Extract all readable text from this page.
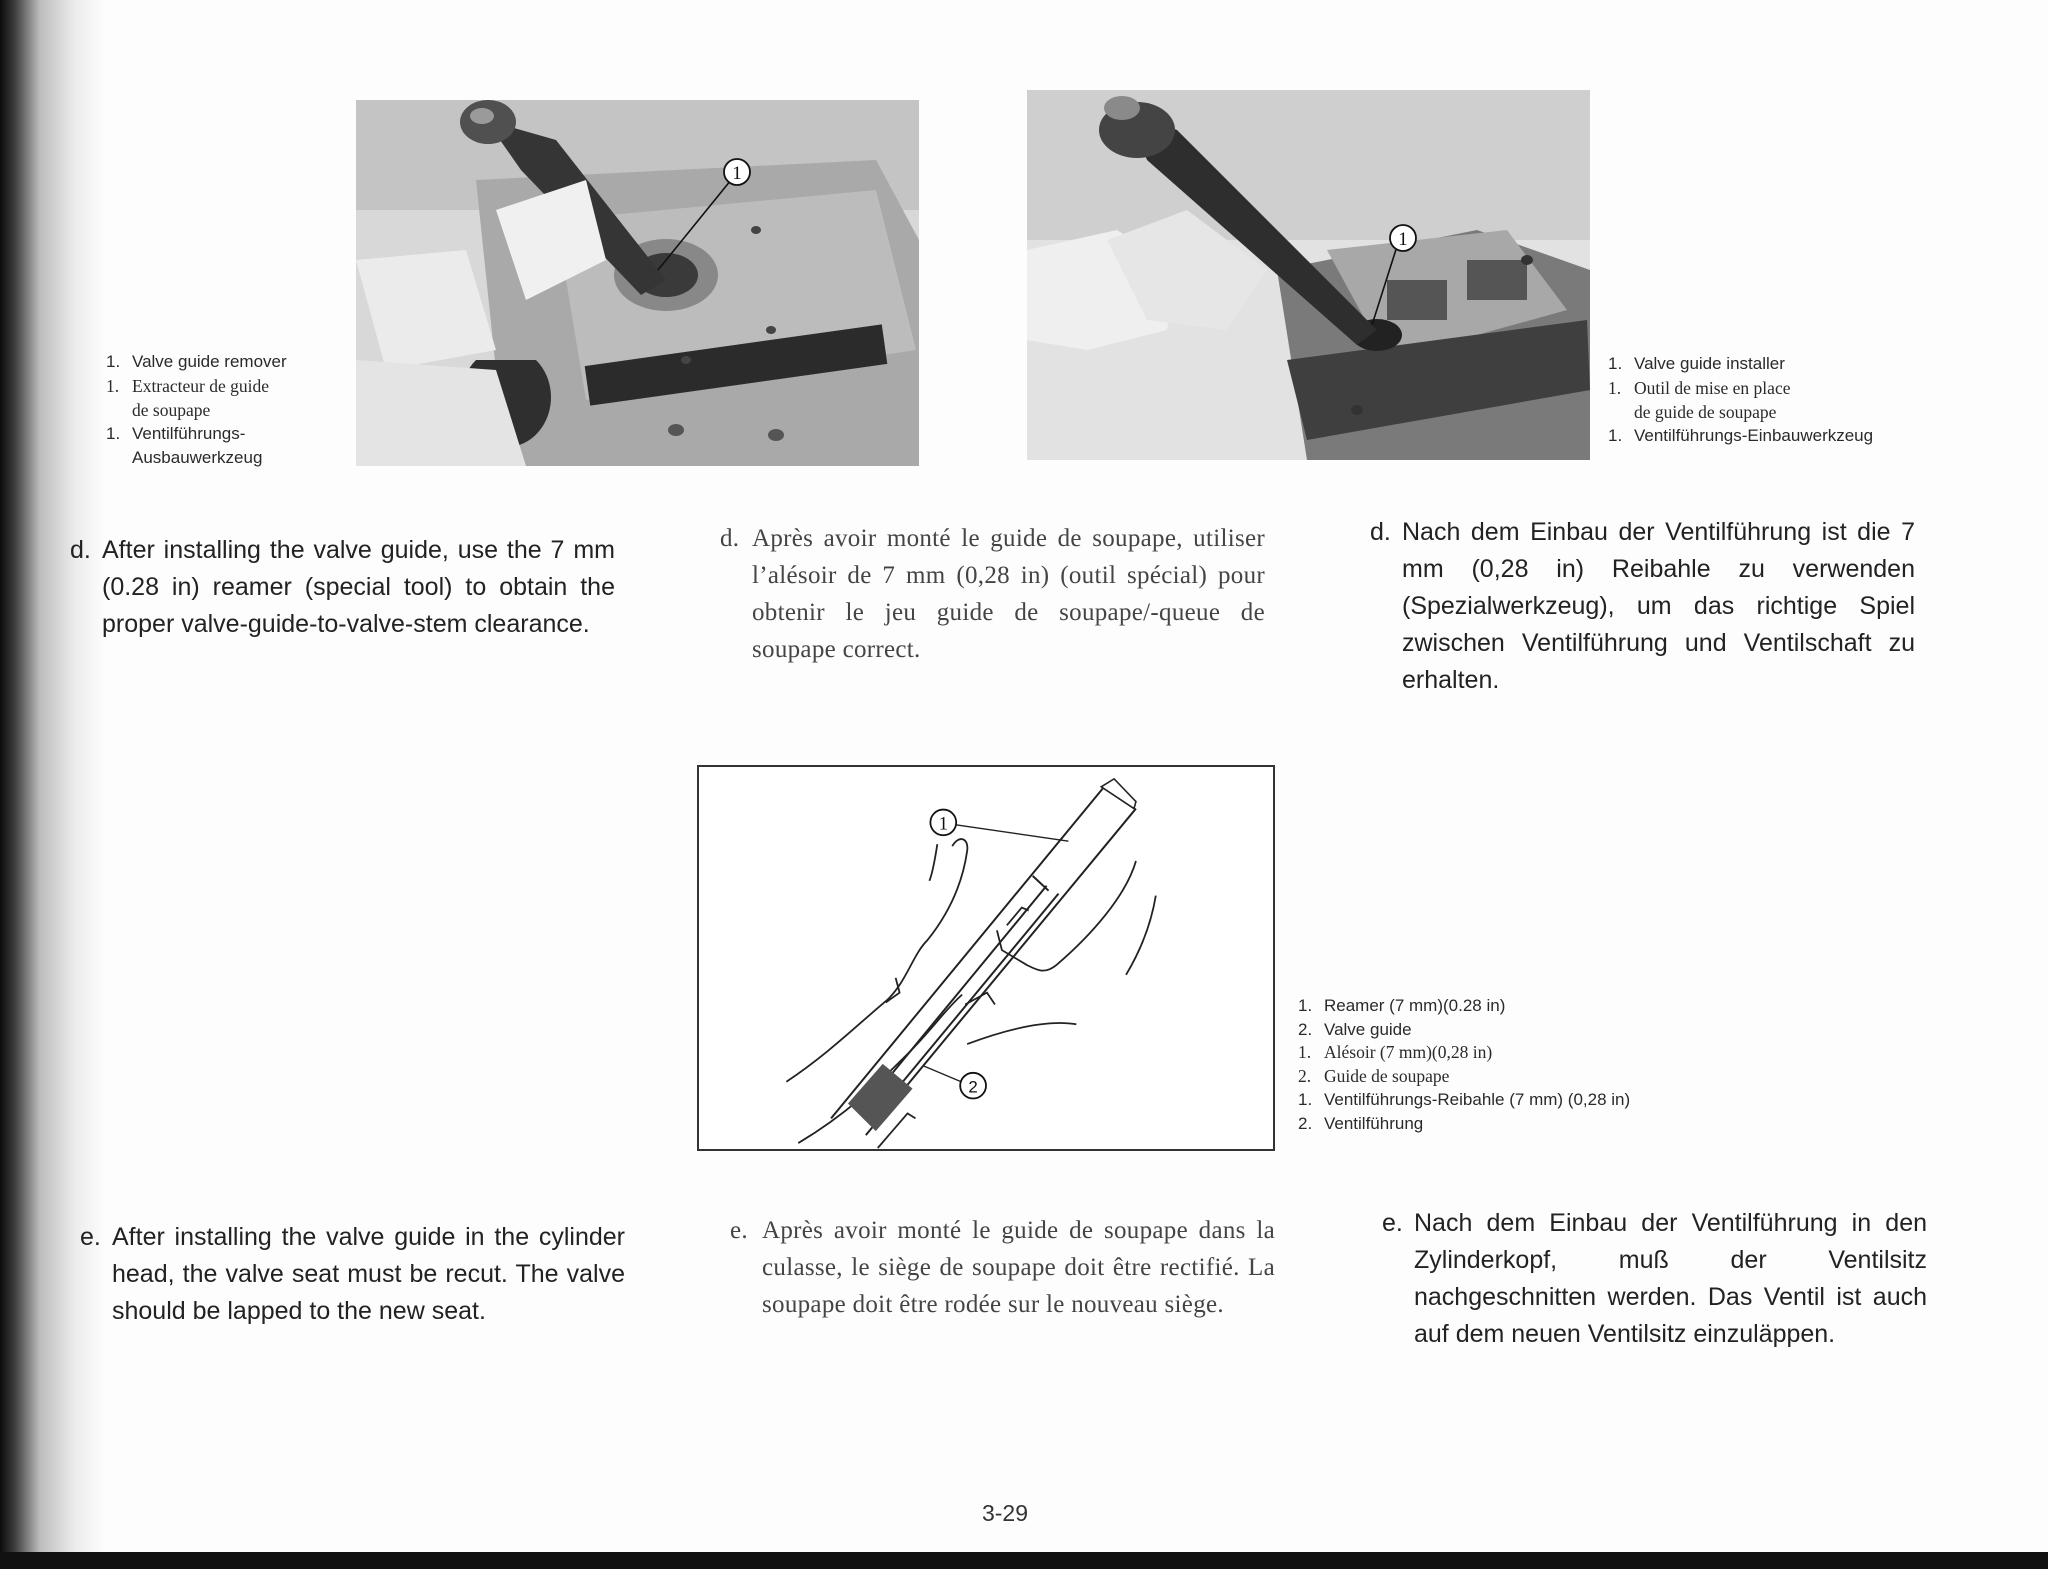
1
1. Valve guide remover
1. Extracteur de guide
de soupape
1. Ventilführungs-
Ausbauwerkzeug
1
1. Valve guide installer
1. Outil de mise en place
de guide de soupape
1. Ventilführungs-Einbauwerkzeug
d. After installing the valve guide, use the 7 mm (0.28 in) reamer (special tool) to obtain the proper valve-guide-to-valve-stem clearance.
d. Après avoir monté le guide de soupape, utiliser l’alésoir de 7 mm (0,28 in) (outil spécial) pour obtenir le jeu guide de soupape/-queue de soupape correct.
d. Nach dem Einbau der Ventilführung ist die 7 mm (0,28 in) Reibahle zu verwenden (Spezialwerkzeug), um das richtige Spiel zwischen Ventilführung und Ventilschaft zu erhalten.
1
2
1. Reamer (7 mm)(0.28 in)
2. Valve guide
1. Alésoir (7 mm)(0,28 in)
2. Guide de soupape
1. Ventilführungs-Reibahle (7 mm) (0,28 in)
2. Ventilführung
e. After installing the valve guide in the cylinder head, the valve seat must be recut. The valve should be lapped to the new seat.
e. Après avoir monté le guide de soupape dans la culasse, le siège de soupape doit être rectifié. La soupape doit être rodée sur le nouveau siège.
e. Nach dem Einbau der Ventilführung in den Zylinderkopf, muß der Ventilsitz nachgeschnitten werden. Das Ventil ist auch auf dem neuen Ventilsitz einzuläppen.
3-29
